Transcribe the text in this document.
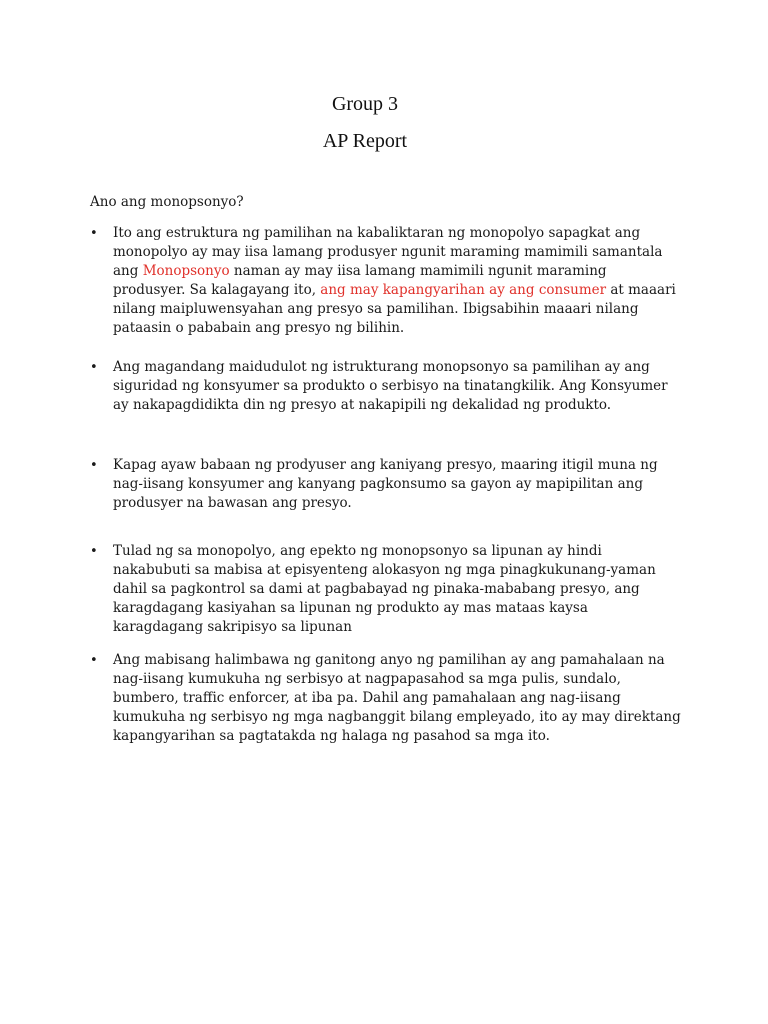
Group 3
AP Report
Ano ang monopsonyo?
•	Ito ang estruktura ng pamilihan na kabaliktaran ng monopolyo sapagkat ang monopolyo ay may iisa lamang produsyer ngunit maraming mamimili samantala ang Monopsonyo naman ay may iisa lamang mamimili ngunit maraming produsyer. Sa kalagayang ito, ang may kapangyarihan ay ang consumer at maaari nilang maipluwensyahan ang presyo sa pamilihan. Ibigsabihin maaari nilang pataasin o pababain ang presyo ng bilihin.
•	Ang magandang maidudulot ng istrukturang monopsonyo sa pamilihan ay ang siguridad ng konsyumer sa produkto o serbisyo na tinatangkilik. Ang Konsyumer ay nakapagdidikta din ng presyo at nakapipili ng dekalidad ng produkto.
•	Kapag ayaw babaan ng prodyuser ang kaniyang presyo, maaring itigil muna ng nag-iisang konsyumer ang kanyang pagkonsumo sa gayon ay mapipilitan ang produsyer na bawasan ang presyo.
•	Tulad ng sa monopolyo, ang epekto ng monopsonyo sa lipunan ay hindi nakabubuti sa mabisa at episyenteng alokasyon ng mga pinagkukunang-yaman dahil sa pagkontrol sa dami at pagbabayad ng pinaka-mababang presyo, ang karagdagang kasiyahan sa lipunan ng produkto ay mas mataas kaysa karagdagang sakripisyo sa lipunan
•	Ang mabisang halimbawa ng ganitong anyo ng pamilihan ay ang pamahalaan na nag-iisang kumukuha ng serbisyo at nagpapasahod sa mga pulis, sundalo, bumbero, traffic enforcer, at iba pa. Dahil ang pamahalaan ang nag-iisang kumukuha ng serbisyo ng mga nagbanggit bilang empleyado, ito ay may direktang kapangyarihan sa pagtatakda ng halaga ng pasahod sa mga ito.
